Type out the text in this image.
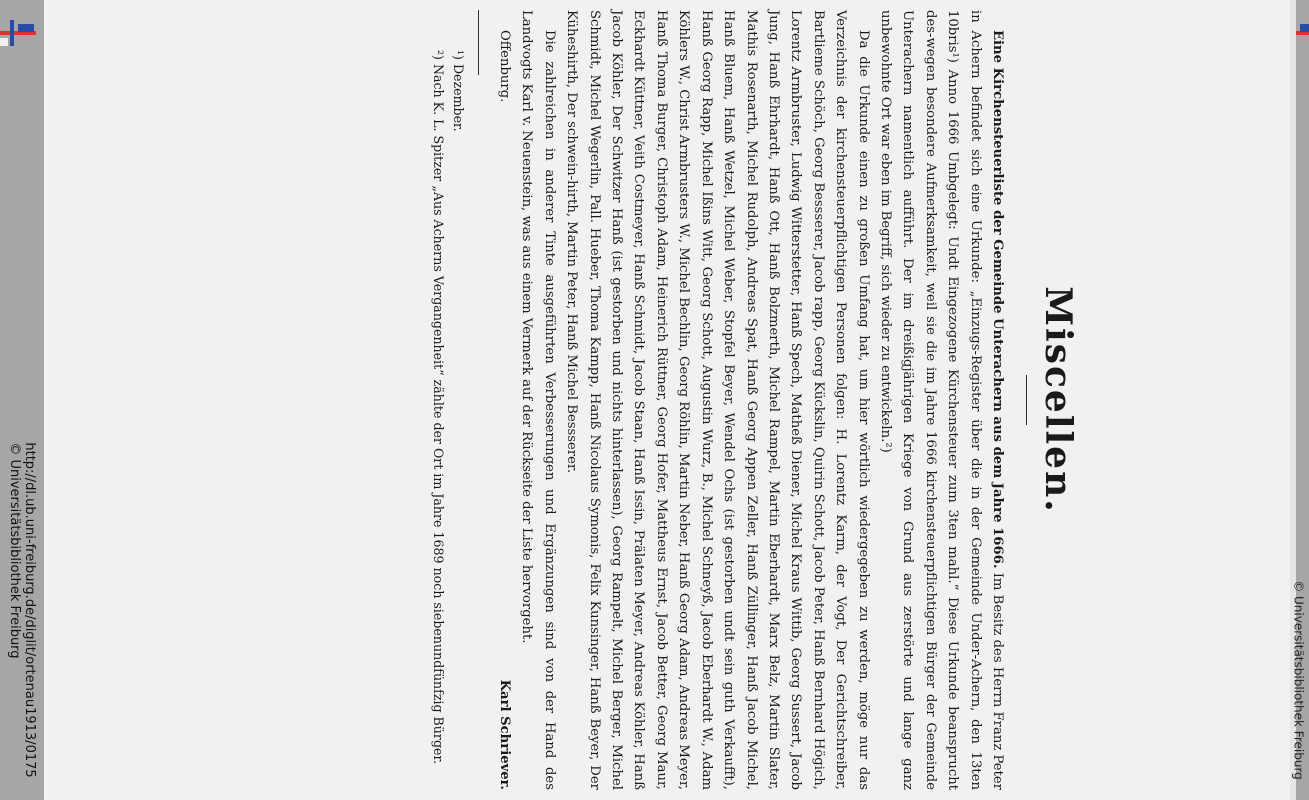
http://dl.ub.uni-freiburg.de/diglit/ortenau1913/0175
© Universitätsbibliothek Freiburg
Miscellen.

Eine Kirchensteuerliste der Gemeinde Unterachern aus dem Jahre 1666. Im Besitz des Herrn Franz Peter in Achern befindet sich eine Urkunde: „Einzugs-Register über die in der Gemeinde Under-Achern, den 13ten 10bris¹) Anno 1666 Umbgelegt: Undt Eingezogene Kürchensteuer zum 3ten mahl.“ Diese Urkunde beansprucht des-wegen besondere Aufmerksamkeit, weil sie die im Jahre 1666 kirchensteuerpflichtigen Bürger der Gemeinde Unterachern namentlich aufführt. Der im dreißigjährigen Kriege von Grund aus zerstörte und lange ganz unbewohnte Ort war eben im Begriff, sich wieder zu entwickeln.²)

Da die Urkunde einen zu großen Umfang hat, um hier wörtlich wiedergegeben zu werden, möge nur das Verzeichnis der kirchensteuerpflichtigen Personen folgen: H. Lorentz Karm, der Vogt, Der Gerichtschreiber, Bartlieme Schöch, Georg Bessserer, Jacob rapp, Georg Kückslin, Quirin Schott, Jacob Peter, Hanß Bernhard Högich, Lorentz Armbruster, Ludwig Witterstetter, Hanß Spech, Matheß Diener, Michel Kraus Wittib, Georg Sussert, Jacob Jung, Hanß Ehrhardt, Hanß Ott, Hanß Bolzmerth, Michel Rampel, Martin Eberhardt, Marx Belz, Martin Slater, Mathis Rosenarth, Michel Rudolph, Andreas Spat, Hanß Georg Appen Zeller, Hanß Züllinger, Hanß Jacob Michel, Hanß Bluem, Hanß Wetzel, Michel Weber, Stopfel Beyer, Wendel Ochs (ist gestorben undt sein guth Verkaufft), Hanß Georg Rapp, Michel Ißins Witt, Georg Schott, Augustin Wurz, B., Michel Schneyß, Jacob Eberhardt W., Adam Köhlers W., Christ Armbrusters W., Michel Bechlin, Georg Röhlin, Martin Neber, Hanß Georg Adam, Andreas Meyer, Hanß Thoma Burger, Christoph Adam, Heinerich Rüttner, Georg Hofer, Mattheus Ernst, Jacob Better, Georg Maur, Eckhardt Küttner, Veith Costmeyer, Hanß Schmidt, Jacob Staan, Hanß Issin, Prälaten Meyer, Andreas Köhler, Hanß Jacob Köhler, Der Schwitzer Hanß (ist gestorben und nichts hinterlassen), Georg Rampelt, Michel Berger, Michel Schmidt, Michel Wegerlin, Pall. Hueber, Thoma Kampp, Hanß Nicolaus Symonis, Felix Kunsinger, Hanß Beyer, Der Küheshirth, Der schwein-hirth, Martin Peter, Hanß Michel Bessserer.

Die zahlreichen in anderer Tinte ausgeführten Verbesserungen und Ergänzungen sind von der Hand des Landvogts Karl v. Neuenstein, was aus einem Vermerk auf der Rückseite der Liste hervorgeht.

Offenburg.
Karl Schriever.

¹) Dezember.

²) Nach K. L. Spitzer „Aus Acherns Vergangenheit“ zählte der Ort im Jahre 1689 noch siebenundfünfzig Bürger.	© Universitätsbibliothek Freiburg
